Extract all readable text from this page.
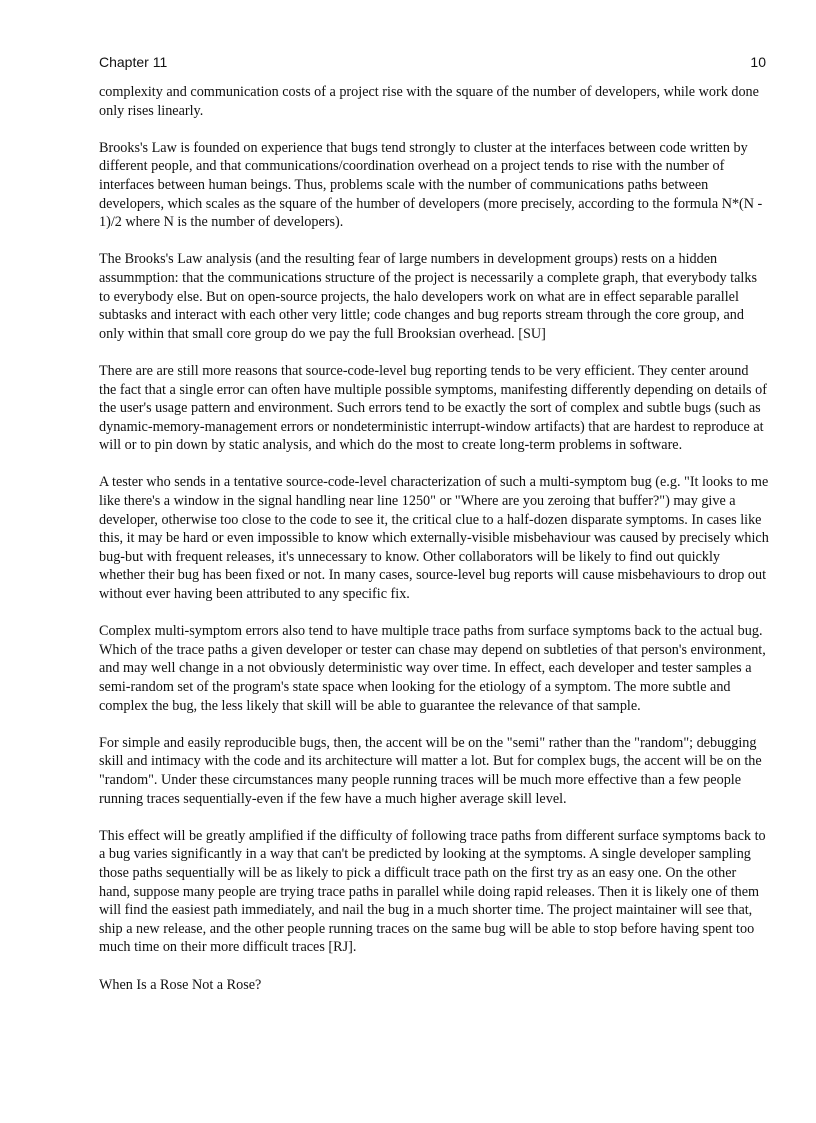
Chapter 11	10

complexity and communication costs of a project rise with the square of the number of developers, while work done only rises linearly.

Brooks's Law is founded on experience that bugs tend strongly to cluster at the interfaces between code written by different people, and that communications/coordination overhead on a project tends to rise with the number of interfaces between human beings. Thus, problems scale with the number of communications paths between developers, which scales as the square of the humber of developers (more precisely, according to the formula N*(N - 1)/2 where N is the number of developers).

The Brooks's Law analysis (and the resulting fear of large numbers in development groups) rests on a hidden assummption: that the communications structure of the project is necessarily a complete graph, that everybody talks to everybody else. But on open-source projects, the halo developers work on what are in effect separable parallel subtasks and interact with each other very little; code changes and bug reports stream through the core group, and only within that small core group do we pay the full Brooksian overhead. [SU]

There are are still more reasons that source-code-level bug reporting tends to be very efficient. They center around the fact that a single error can often have multiple possible symptoms, manifesting differently depending on details of the user's usage pattern and environment. Such errors tend to be exactly the sort of complex and subtle bugs (such as dynamic-memory-management errors or nondeterministic interrupt-window artifacts) that are hardest to reproduce at will or to pin down by static analysis, and which do the most to create long-term problems in software.

A tester who sends in a tentative source-code-level characterization of such a multi-symptom bug (e.g. "It looks to me like there's a window in the signal handling near line 1250" or "Where are you zeroing that buffer?") may give a developer, otherwise too close to the code to see it, the critical clue to a half-dozen disparate symptoms. In cases like this, it may be hard or even impossible to know which externally-visible misbehaviour was caused by precisely which bug-but with frequent releases, it's unnecessary to know. Other collaborators will be likely to find out quickly whether their bug has been fixed or not. In many cases, source-level bug reports will cause misbehaviours to drop out without ever having been attributed to any specific fix.

Complex multi-symptom errors also tend to have multiple trace paths from surface symptoms back to the actual bug. Which of the trace paths a given developer or tester can chase may depend on subtleties of that person's environment, and may well change in a not obviously deterministic way over time. In effect, each developer and tester samples a semi-random set of the program's state space when looking for the etiology of a symptom. The more subtle and complex the bug, the less likely that skill will be able to guarantee the relevance of that sample.

For simple and easily reproducible bugs, then, the accent will be on the "semi" rather than the "random"; debugging skill and intimacy with the code and its architecture will matter a lot. But for complex bugs, the accent will be on the "random". Under these circumstances many people running traces will be much more effective than a few people running traces sequentially-even if the few have a much higher average skill level.

This effect will be greatly amplified if the difficulty of following trace paths from different surface symptoms back to a bug varies significantly in a way that can't be predicted by looking at the symptoms. A single developer sampling those paths sequentially will be as likely to pick a difficult trace path on the first try as an easy one. On the other hand, suppose many people are trying trace paths in parallel while doing rapid releases. Then it is likely one of them will find the easiest path immediately, and nail the bug in a much shorter time. The project maintainer will see that, ship a new release, and the other people running traces on the same bug will be able to stop before having spent too much time on their more difficult traces [RJ].

When Is a Rose Not a Rose?
